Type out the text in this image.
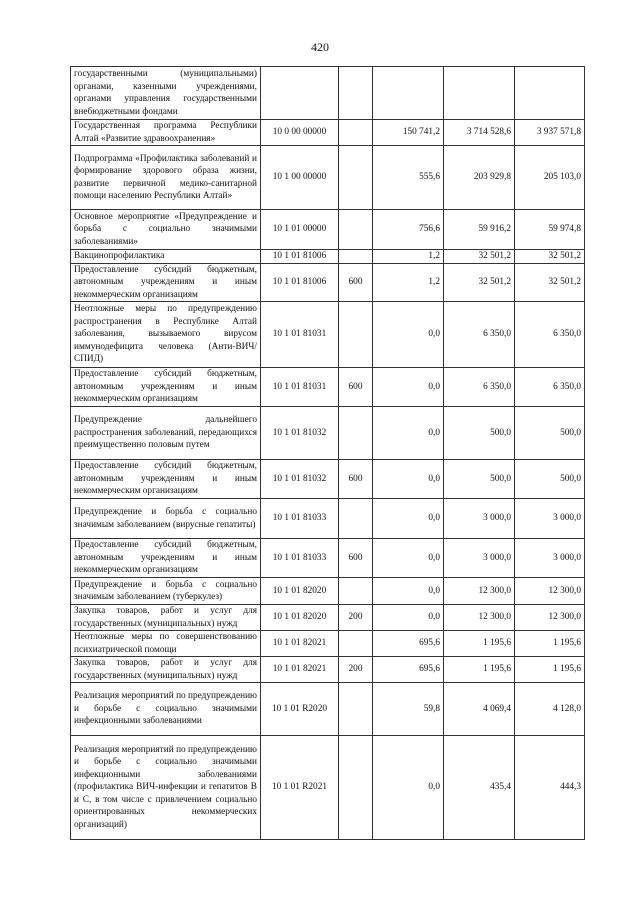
420
государственными (муниципальными) органами, казенными учреждениями, органами управления государственными внебюджетными фондами					
Государственная программа Республики Алтай «Развитие здравоохранения»	10 0 00 00000		150 741,2	3 714 528,6	3 937 571,8
Подпрограмма «Профилактика заболеваний и формирование здорового образа жизни, развитие первичной медико-санитарной помощи населению Республики Алтай»	10 1 00 00000		555,6	203 929,8	205 103,0
Основное мероприятие «Предупреждение и борьба с социально значимыми заболеваниями»	10 1 01 00000		756,6	59 916,2	59 974,8
Вакцинопрофилактика	10 1 01 81006		1,2	32 501,2	32 501,2
Предоставление субсидий бюджетным, автономным учреждениям и иным некоммерческим организациям	10 1 01 81006	600	1,2	32 501,2	32 501,2
Неотложные меры по предупреждению распространения в Республике Алтай заболевания, вызываемого вирусом иммунодефицита человека (Анти-ВИЧ/СПИД)	10 1 01 81031		0,0	6 350,0	6 350,0
Предоставление субсидий бюджетным, автономным учреждениям и иным некоммерческим организациям	10 1 01 81031	600	0,0	6 350,0	6 350,0
Предупреждение дальнейшего распространения заболеваний, передающихся преимущественно половым путем	10 1 01 81032		0,0	500,0	500,0
Предоставление субсидий бюджетным, автономным учреждениям и иным некоммерческим организациям	10 1 01 81032	600	0,0	500,0	500,0
Предупреждение и борьба с социально значимым заболеванием (вирусные гепатиты)	10 1 01 81033		0,0	3 000,0	3 000,0
Предоставление субсидий бюджетным, автономным учреждениям и иным некоммерческим организациям	10 1 01 81033	600	0,0	3 000,0	3 000,0
Предупреждение и борьба с социально значимым заболеванием (туберкулез)	10 1 01 82020		0,0	12 300,0	12 300,0
Закупка товаров, работ и услуг для государственных (муниципальных) нужд	10 1 01 82020	200	0,0	12 300,0	12 300,0
Неотложные меры по совершенствованию психиатрической помощи	10 1 01 82021		695,6	1 195,6	1 195,6
Закупка товаров, работ и услуг для государственных (муниципальных) нужд	10 1 01 82021	200	695,6	1 195,6	1 195,6
Реализация мероприятий по предупреждению и борьбе с социально значимыми инфекционными заболеваниями	10 1 01 R2020		59,8	4 069,4	4 128,0
Реализация мероприятий по предупреждению и борьбе с социально значимыми инфекционными заболеваниями (профилактика ВИЧ-инфекции и гепатитов B и C, в том числе с привлечением социально ориентированных некоммерческих организаций)	10 1 01 R2021		0,0	435,4	444,3
